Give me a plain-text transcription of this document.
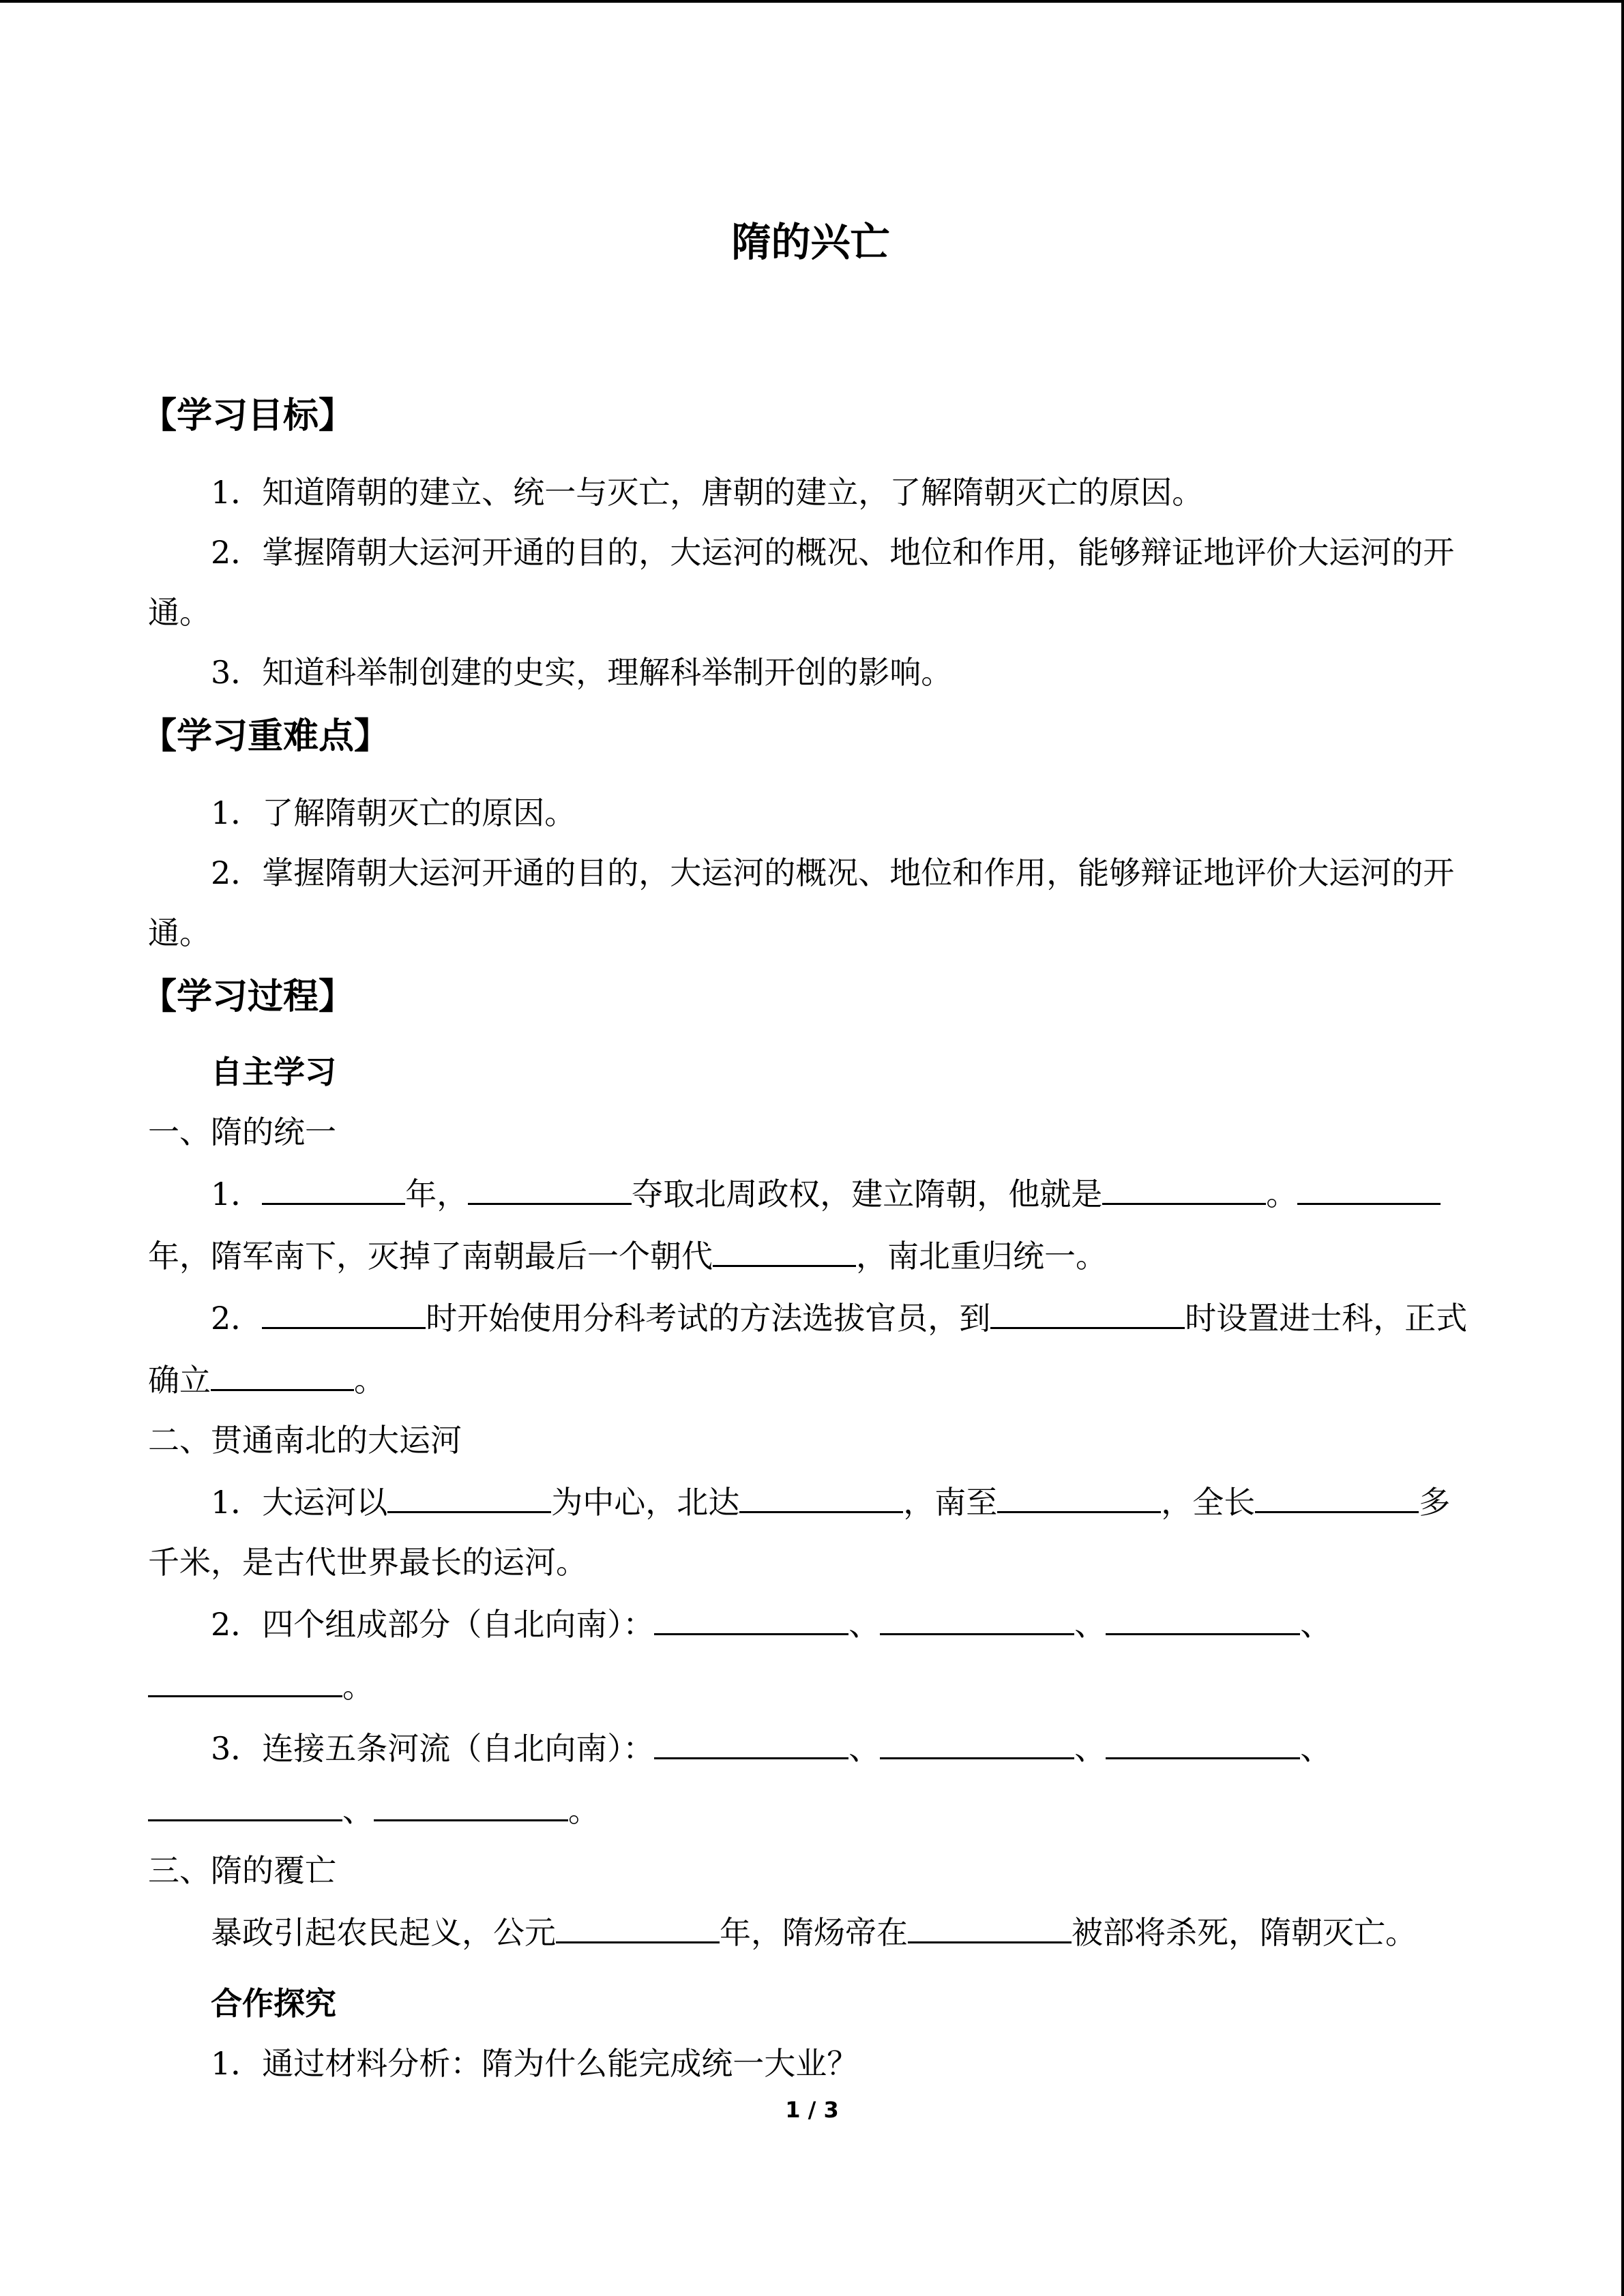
隋的兴亡
【学习目标】

1．知道隋朝的建立、统一与灭亡，唐朝的建立，了解隋朝灭亡的原因。

2．掌握隋朝大运河开通的目的，大运河的概况、地位和作用，能够辩证地评价大运河的开通。

3．知道科举制创建的史实，理解科举制开创的影响。

【学习重难点】

1．了解隋朝灭亡的原因。

2．掌握隋朝大运河开通的目的，大运河的概况、地位和作用，能够辩证地评价大运河的开通。

【学习过程】
自主学习

一、隋的统一

1．	年，	夺取北周政权，建立隋朝，他就是	。年，隋军南下，灭掉了南朝最后一个朝代	，南北重归统一。

2．	时开始使用分科考试的方法选拔官员，到	时设置进士科，正式确立	。

二、贯通南北的大运河

1．大运河以	为中心，北达	，南至	，全长	多千米，是古代世界最长的运河。

2．四个组成部分（自北向南）：	、	、	、。

3．连接五条河流（自北向南）：	、	、	、、	。

三、隋的覆亡

暴政引起农民起义，公元	年，隋炀帝在	被部将杀死，隋朝灭亡。

合作探究

1．通过材料分析：隋为什么能完成统一大业？

1 / 3
